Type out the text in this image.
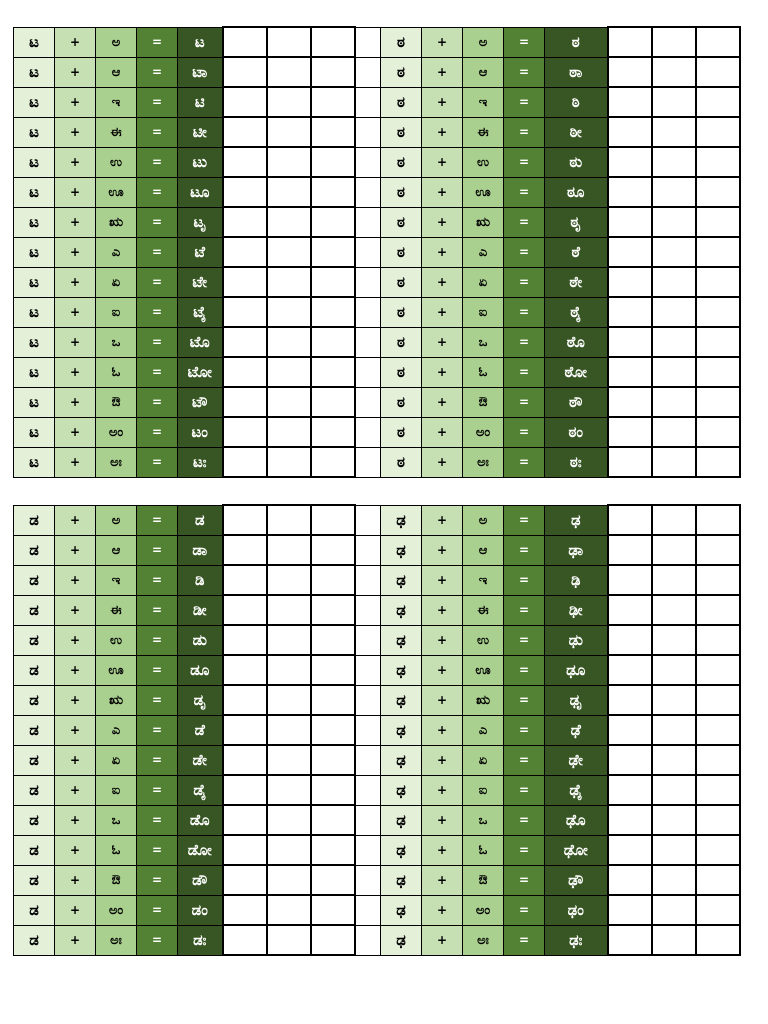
ಟ	+	ಅ	=	ಟ					ಠ	+	ಅ	=	ಠ			
ಟ	+	ಆ	=	ಟಾ					ಠ	+	ಆ	=	ಠಾ			
ಟ	+	ಇ	=	ಟಿ					ಠ	+	ಇ	=	ಠಿ			
ಟ	+	ಈ	=	ಟೀ					ಠ	+	ಈ	=	ಠೀ			
ಟ	+	ಉ	=	ಟು					ಠ	+	ಉ	=	ಠು			
ಟ	+	ಊ	=	ಟೂ					ಠ	+	ಊ	=	ಠೂ			
ಟ	+	ಋ	=	ಟೃ					ಠ	+	ಋ	=	ಠೃ			
ಟ	+	ಎ	=	ಟೆ					ಠ	+	ಎ	=	ಠೆ			
ಟ	+	ಏ	=	ಟೇ					ಠ	+	ಏ	=	ಠೇ			
ಟ	+	ಐ	=	ಟೈ					ಠ	+	ಐ	=	ಠೈ			
ಟ	+	ಒ	=	ಟೊ					ಠ	+	ಒ	=	ಠೊ			
ಟ	+	ಓ	=	ಟೋ					ಠ	+	ಓ	=	ಠೋ			
ಟ	+	ಔ	=	ಟೌ					ಠ	+	ಔ	=	ಠೌ			
ಟ	+	ಅಂ	=	ಟಂ					ಠ	+	ಅಂ	=	ಠಂ			
ಟ	+	ಅಃ	=	ಟಃ					ಠ	+	ಅಃ	=	ಠಃ			
ಡ	+	ಅ	=	ಡ					ಢ	+	ಅ	=	ಢ			
ಡ	+	ಆ	=	ಡಾ					ಢ	+	ಆ	=	ಢಾ			
ಡ	+	ಇ	=	ಡಿ					ಢ	+	ಇ	=	ಢಿ			
ಡ	+	ಈ	=	ಡೀ					ಢ	+	ಈ	=	ಢೀ			
ಡ	+	ಉ	=	ಡು					ಢ	+	ಉ	=	ಢು			
ಡ	+	ಊ	=	ಡೂ					ಢ	+	ಊ	=	ಢೂ			
ಡ	+	ಋ	=	ಡೃ					ಢ	+	ಋ	=	ಢೃ			
ಡ	+	ಎ	=	ಡೆ					ಢ	+	ಎ	=	ಢೆ			
ಡ	+	ಏ	=	ಡೇ					ಢ	+	ಏ	=	ಢೇ			
ಡ	+	ಐ	=	ಡೈ					ಢ	+	ಐ	=	ಢೈ			
ಡ	+	ಒ	=	ಡೊ					ಢ	+	ಒ	=	ಢೊ			
ಡ	+	ಓ	=	ಡೋ					ಢ	+	ಓ	=	ಢೋ			
ಡ	+	ಔ	=	ಡೌ					ಢ	+	ಔ	=	ಢೌ			
ಡ	+	ಅಂ	=	ಡಂ					ಢ	+	ಅಂ	=	ಢಂ			
ಡ	+	ಅಃ	=	ಡಃ					ಢ	+	ಅಃ	=	ಢಃ			
